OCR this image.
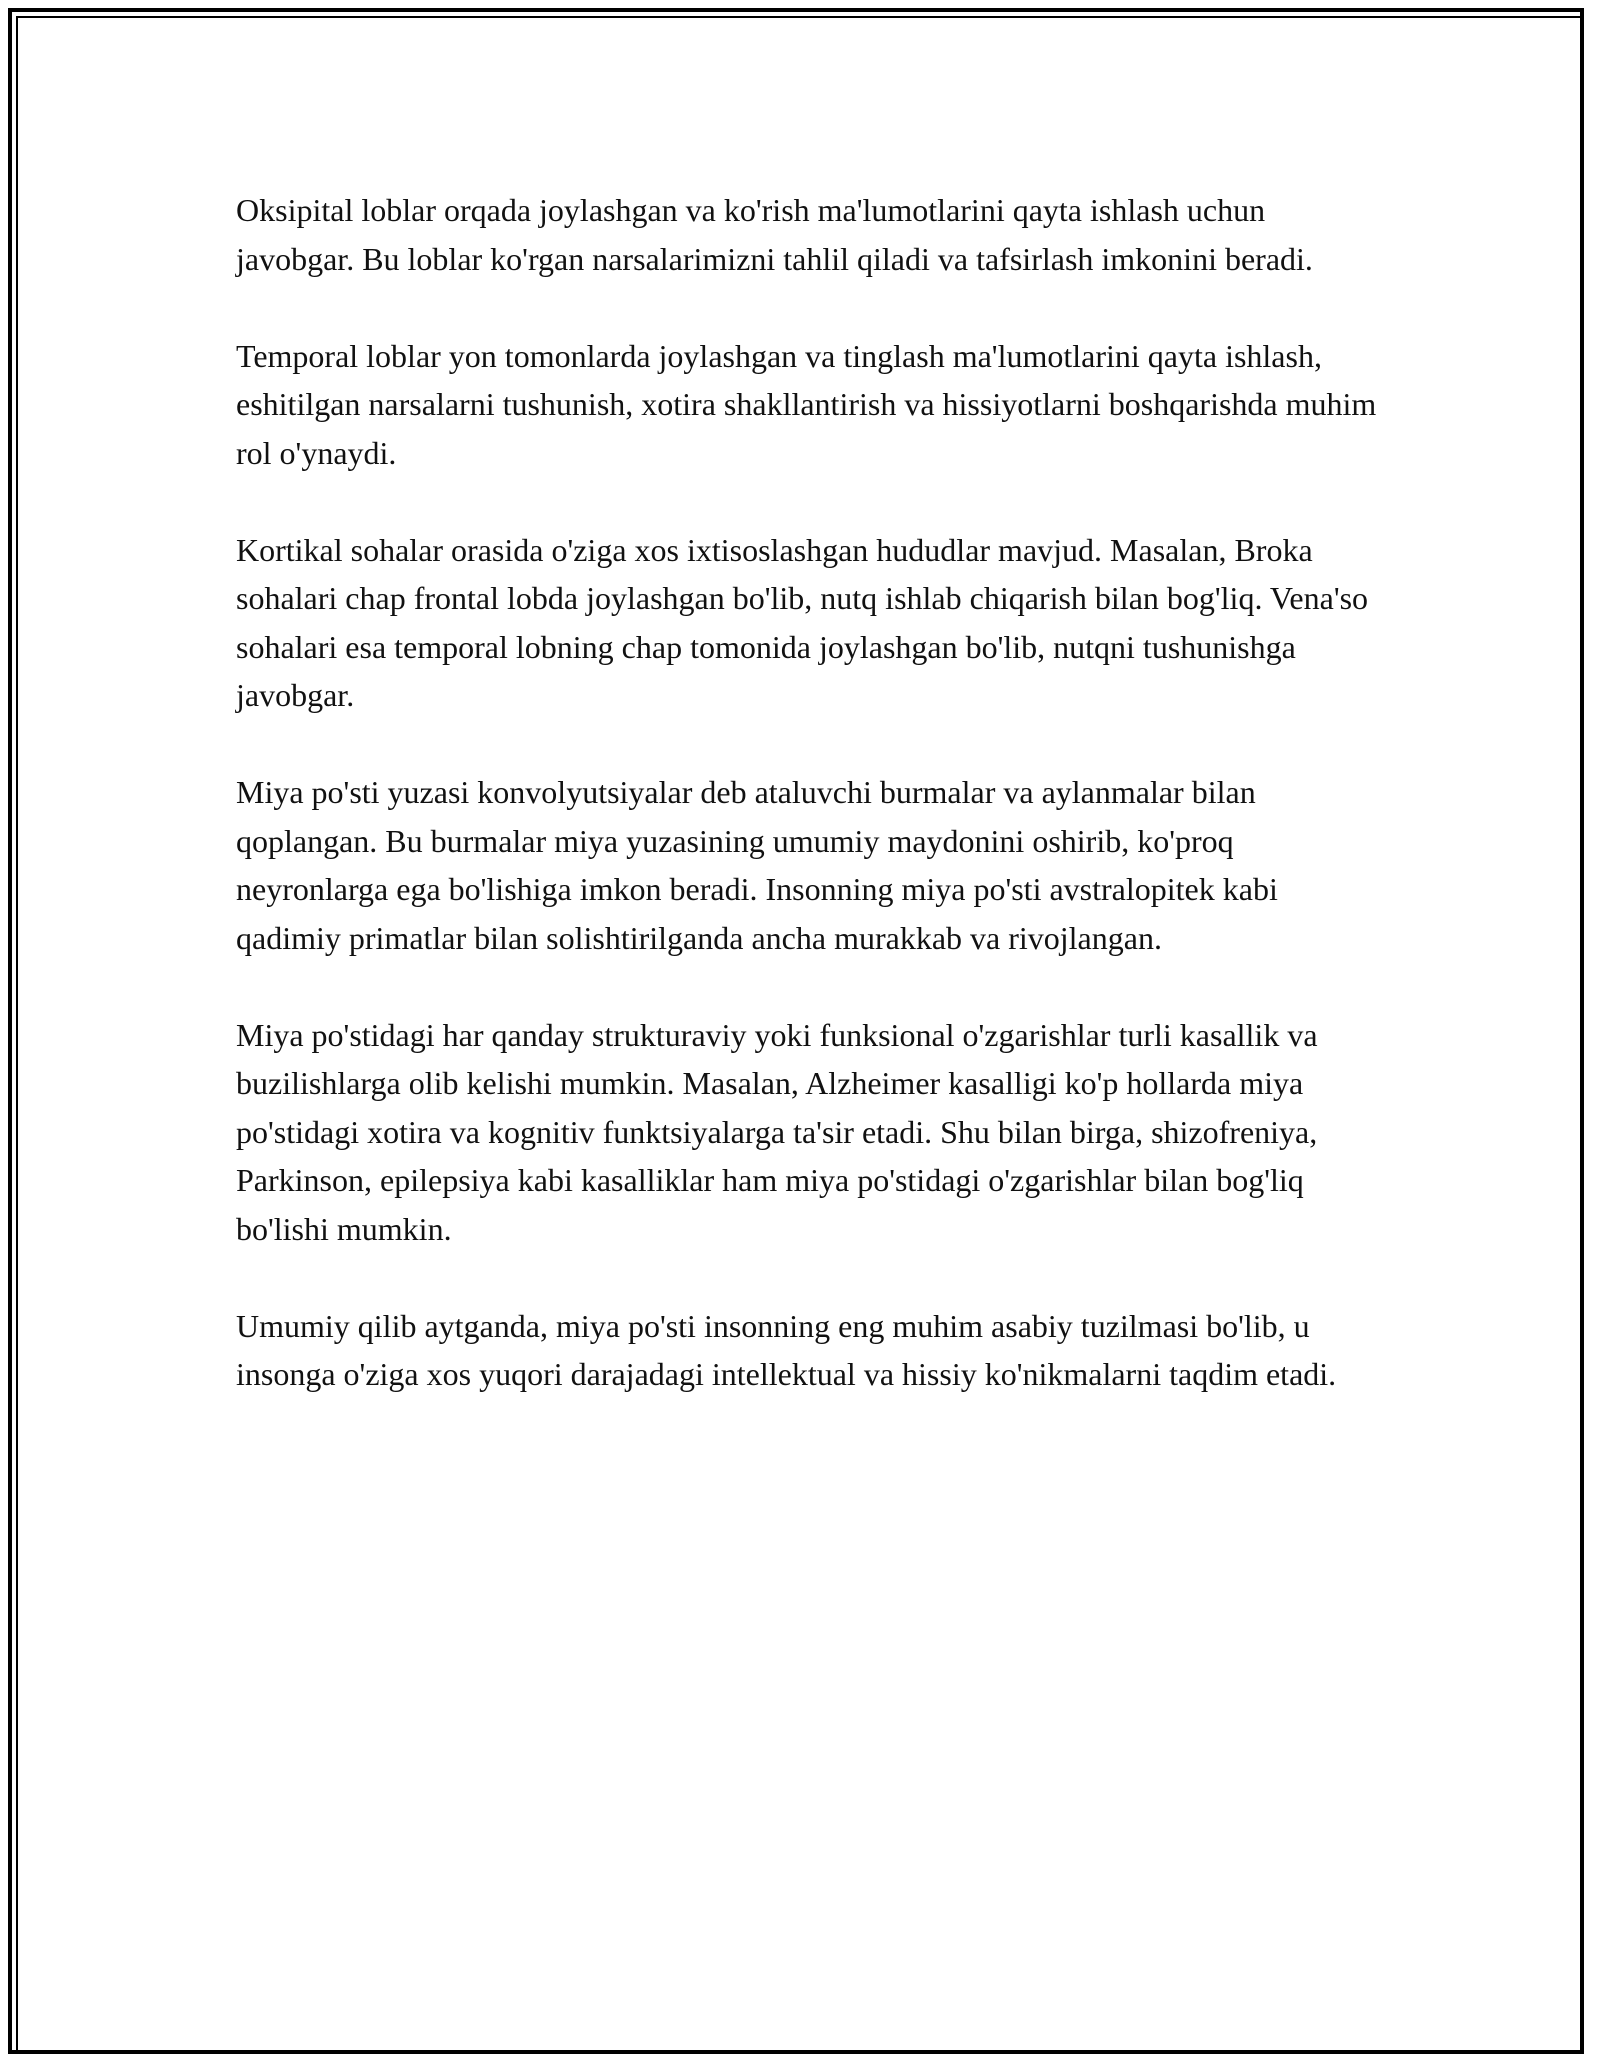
Oksipital loblar orqada joylashgan va ko'rish ma'lumotlarini qayta ishlash uchun javobgar. Bu loblar ko'rgan narsalarimizni tahlil qiladi va tafsirlash imkonini beradi.

Temporal loblar yon tomonlarda joylashgan va tinglash ma'lumotlarini qayta ishlash, eshitilgan narsalarni tushunish, xotira shakllantirish va hissiyotlarni boshqarishda muhim rol o'ynaydi.

Kortikal sohalar orasida o'ziga xos ixtisoslashgan hududlar mavjud. Masalan, Broka sohalari chap frontal lobda joylashgan bo'lib, nutq ishlab chiqarish bilan bog'liq. Vena'so sohalari esa temporal lobning chap tomonida joylashgan bo'lib, nutqni tushunishga javobgar.

Miya po'sti yuzasi konvolyutsiyalar deb ataluvchi burmalar va aylanmalar bilan qoplangan. Bu burmalar miya yuzasining umumiy maydonini oshirib, ko'proq neyronlarga ega bo'lishiga imkon beradi. Insonning miya po'sti avstralopitek kabi qadimiy primatlar bilan solishtirilganda ancha murakkab va rivojlangan.

Miya po'stidagi har qanday strukturaviy yoki funksional o'zgarishlar turli kasallik va buzilishlarga olib kelishi mumkin. Masalan, Alzheimer kasalligi ko'p hollarda miya po'stidagi xotira va kognitiv funktsiyalarga ta'sir etadi. Shu bilan birga, shizofreniya, Parkinson, epilepsiya kabi kasalliklar ham miya po'stidagi o'zgarishlar bilan bog'liq bo'lishi mumkin.

Umumiy qilib aytganda, miya po'sti insonning eng muhim asabiy tuzilmasi bo'lib, u insonga o'ziga xos yuqori darajadagi intellektual va hissiy ko'nikmalarni taqdim etadi.
